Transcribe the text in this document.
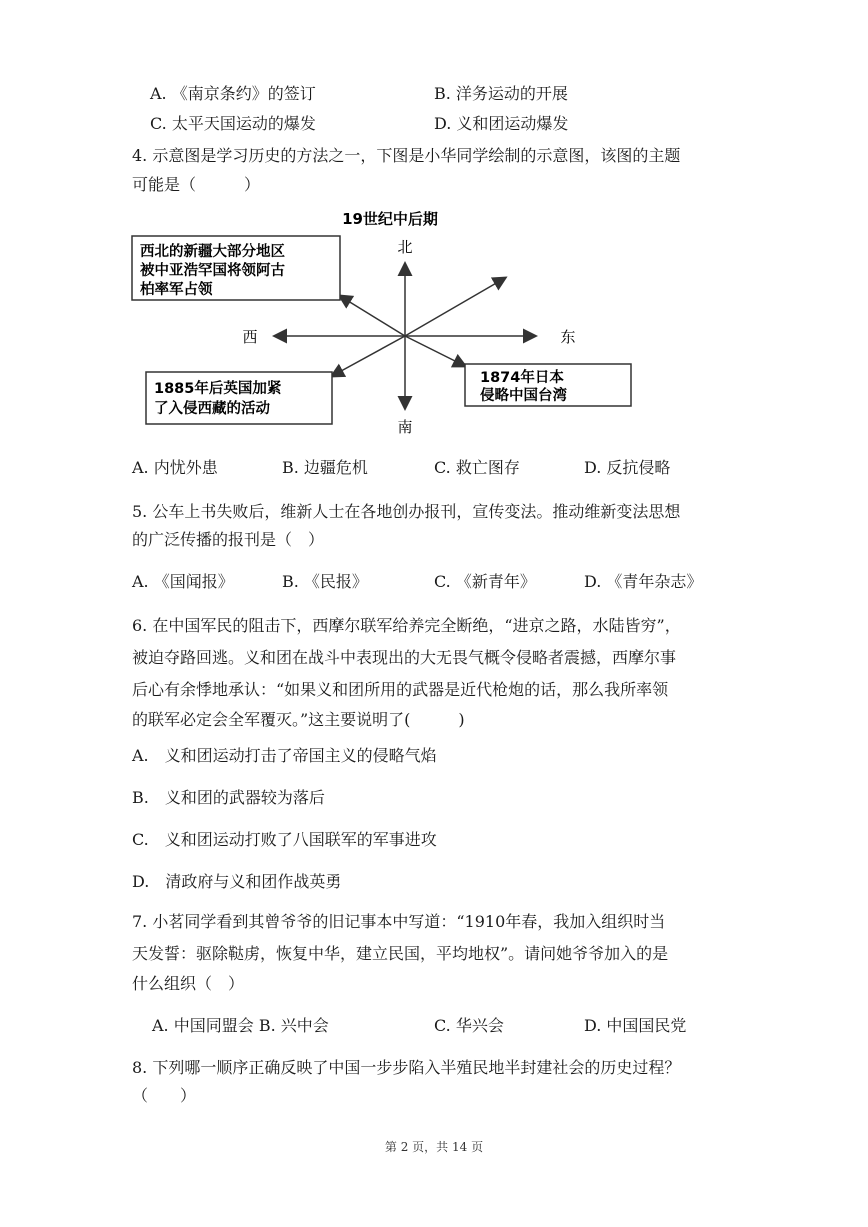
A. 《南京条约》的签订	B. 洋务运动的开展
C. 太平天国运动的爆发	D. 义和团运动爆发
4. 示意图是学习历史的方法之一，下图是小华同学绘制的示意图，该图的主题
可能是（　　　）
19世纪中后期
北
南
东
西
西北的新疆大部分地区
被中亚浩罕国将领阿古
柏率军占领
1885年后英国加紧
了入侵西藏的活动
1874年日本
侵略中国台湾
A. 内忧外患	B. 边疆危机	C. 救亡图存	D. 反抗侵略
5. 公车上书失败后，维新人士在各地创办报刊，宣传变法。推动维新变法思想
的广泛传播的报刊是（　）
A. 《国闻报》	B. 《民报》	C. 《新青年》	D. 《青年杂志》
6. 在中国军民的阻击下，西摩尔联军给养完全断绝，“进京之路，水陆皆穷”，
被迫夺路回逃。义和团在战斗中表现出的大无畏气概令侵略者震撼，西摩尔事
后心有余悸地承认：“如果义和团所用的武器是近代枪炮的话，那么我所率领
的联军必定会全军覆灭。”这主要说明了(　　　)
A.　义和团运动打击了帝国主义的侵略气焰
B.　义和团的武器较为落后
C.　义和团运动打败了八国联军的军事进攻
D.　清政府与义和团作战英勇
7. 小茗同学看到其曾爷爷的旧记事本中写道：“1910年春，我加入组织时当
天发誓：驱除鞑虏，恢复中华，建立民国，平均地权”。请问她爷爷加入的是
什么组织（　）
A. 中国同盟会 B. 兴中会	C. 华兴会	D. 中国国民党
8. 下列哪一顺序正确反映了中国一步步陷入半殖民地半封建社会的历史过程？
（　　）
第 2 页，共 14 页
